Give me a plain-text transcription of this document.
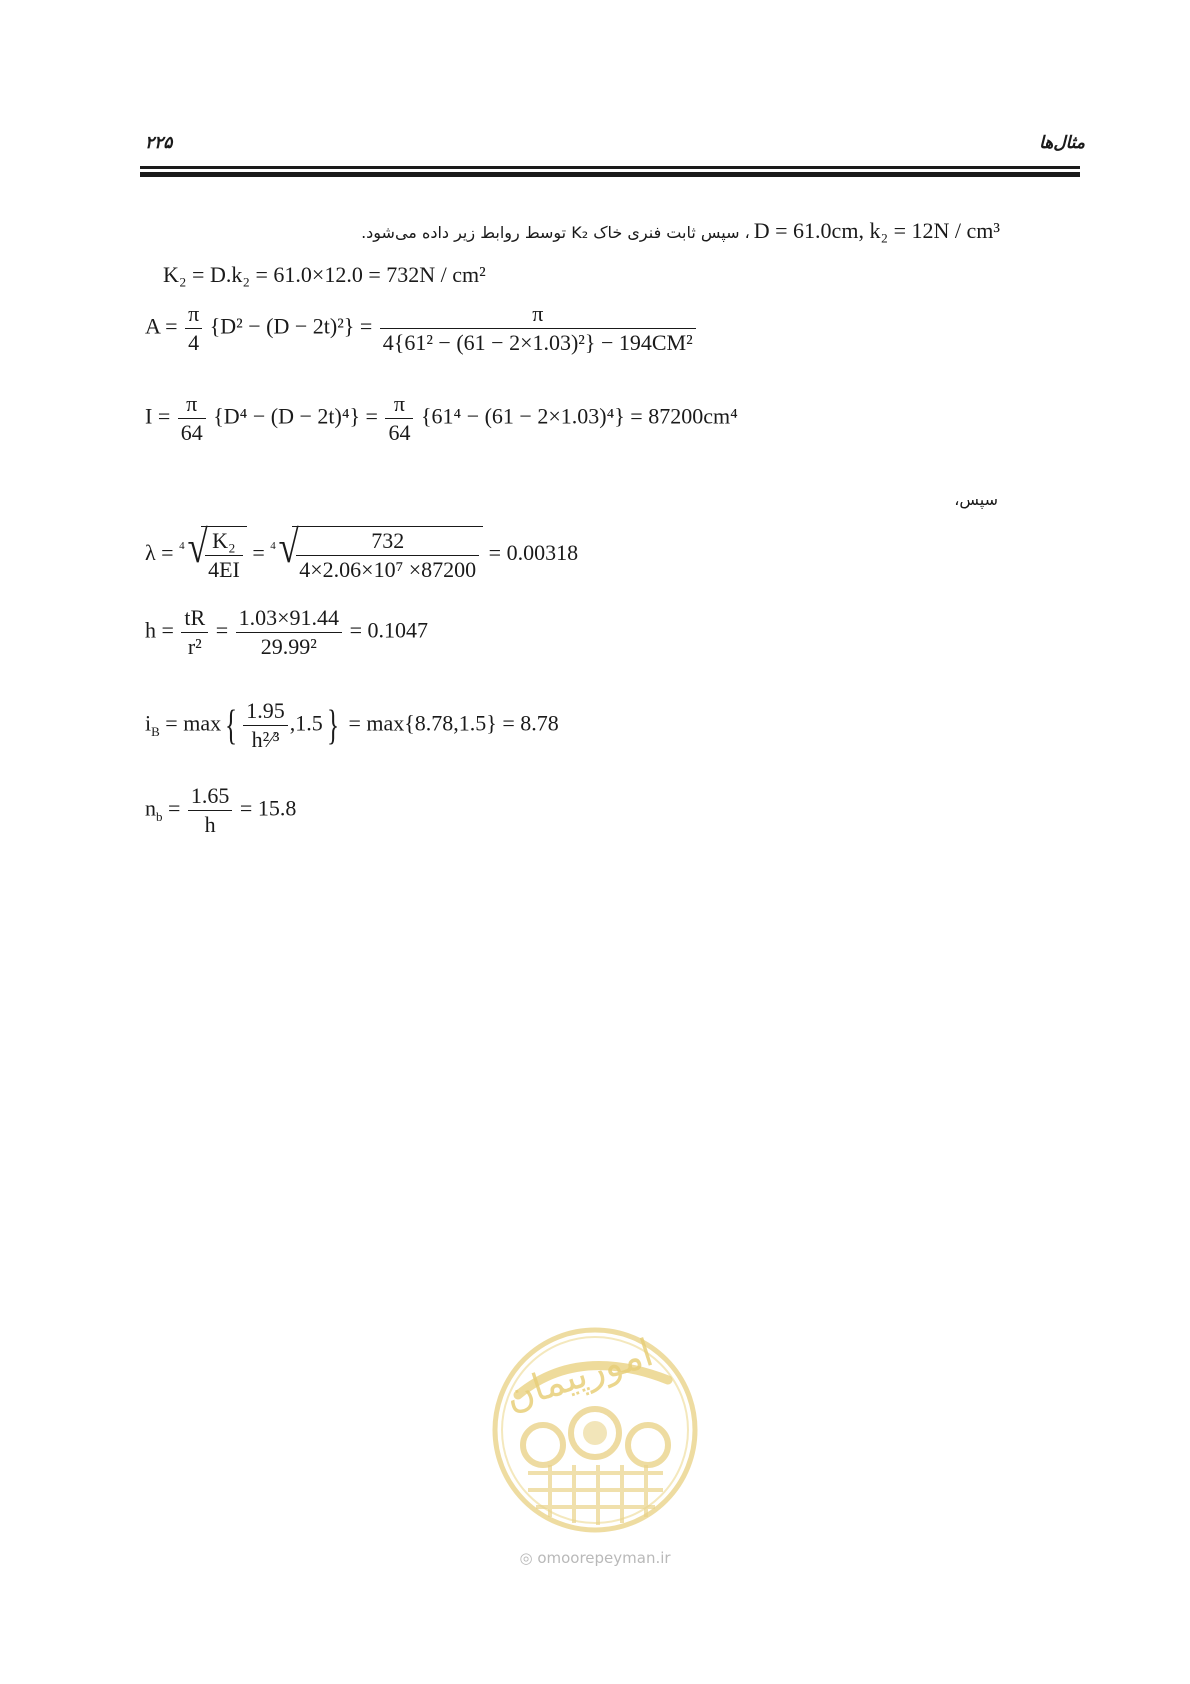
۲۲۵	مثال‌ها
D = 61.0cm, k₂ = 12N / cm³
، سپس ثابت فنری خاک K₂ توسط روابط زیر داده می‌شود.
K₂ = D.k₂ = 61.0×12.0 = 732N / cm²
$A = \frac{\pi}{4} \{D^2 - (D - 2t)^2\} = \frac{\pi}{\text{4\{61² − (61 − 2×1.03)²\} − 194CM²}}$
$I = \frac{\pi}{64} \{D^4 - (D - 2t)^4\} = \frac{\pi}{64} \{61^4 - (61 - 2\times 1.03)^4\} = 87200cm^4$
سپس،
λ = 4 √
$\frac{\text{K₂}}{4EI} = 4$ √
$\frac{732}{\text{4×2.06×10⁷ ×87200}} = 0.00318$
$h = \frac{tR}{\text{r²}} = \frac{1.03\times 91.44}{\text{29.99²}} = 0.1047$
$i_B = \max\{ \frac{1.95}{\text{h²⁄³}} ,1.5\} = \max\{8.78,1.5\} = 8.78$
$n_b = \frac{1.65}{h} = 15.8$
امورپیمان
◎ omoorepeyman.ir
